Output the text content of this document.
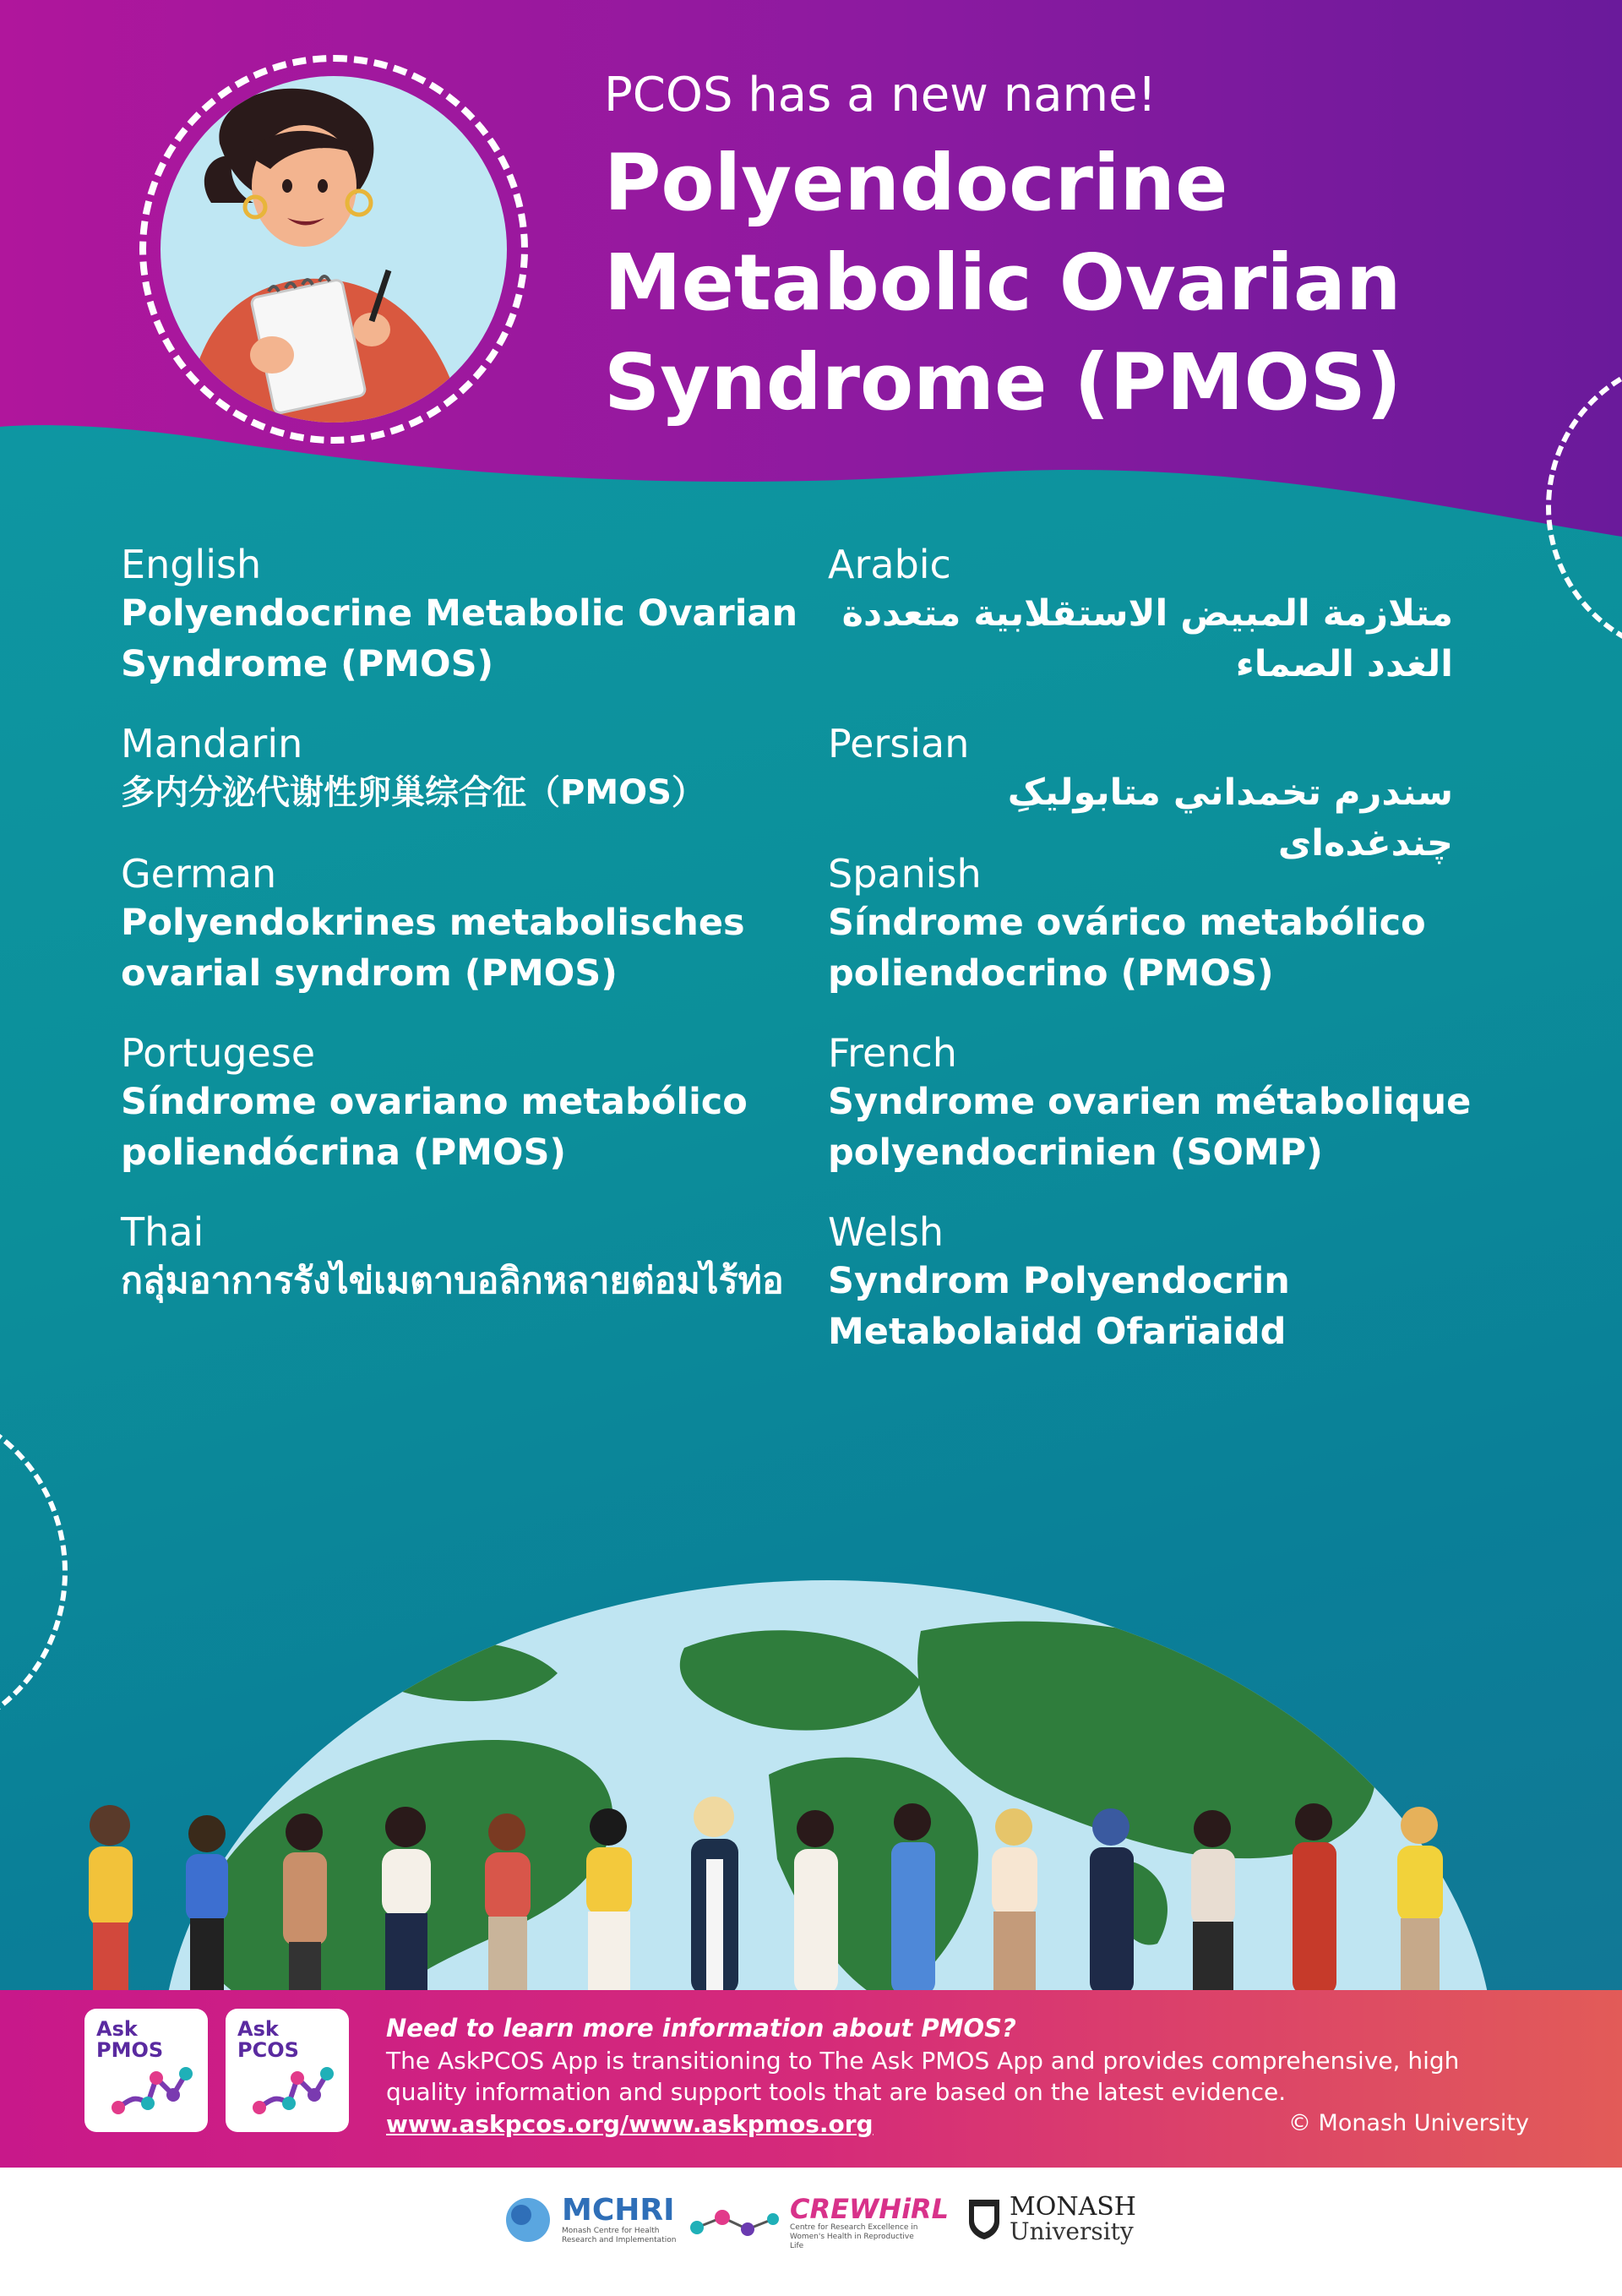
PCOS has a new name!
Polyendocrine Metabolic Ovarian Syndrome (PMOS)
English
Polyendocrine Metabolic Ovarian Syndrome (PMOS)
Arabic
متلازمة المبيض الاستقلابية متعددة الغدد الصماء
Mandarin
多内分泌代谢性卵巢综合征（PMOS）
Persian
سندرم تخمداني متابوليکِ چندغده‌ای
German
Polyendokrines metabolisches ovarial syndrom (PMOS)
Spanish
Síndrome ovárico metabólico poliendocrino (PMOS)
Portugese
Síndrome ovariano metabólico poliendócrina (PMOS)
French
Syndrome ovarien métabolique polyendocrinien (SOMP)
Thai
กลุ่มอาการรังไข่เมตาบอลิกหลายต่อมไร้ท่อ
Welsh
Syndrom Polyendocrin Metabolaidd Ofarïaidd
Ask PMOS
Ask PCOS
Need to learn more information about PMOS?
The AskPCOS App is transitioning to The Ask PMOS App and provides comprehensive, high quality information and support tools that are based on the latest evidence.
www.askpcos.org/www.askpmos.org	© Monash University
MCHRI
Monash Centre for Health Research and Implementation
CREWHiRL
Centre for Research Excellence in Women's Health in Reproductive Life
MONASH
University
